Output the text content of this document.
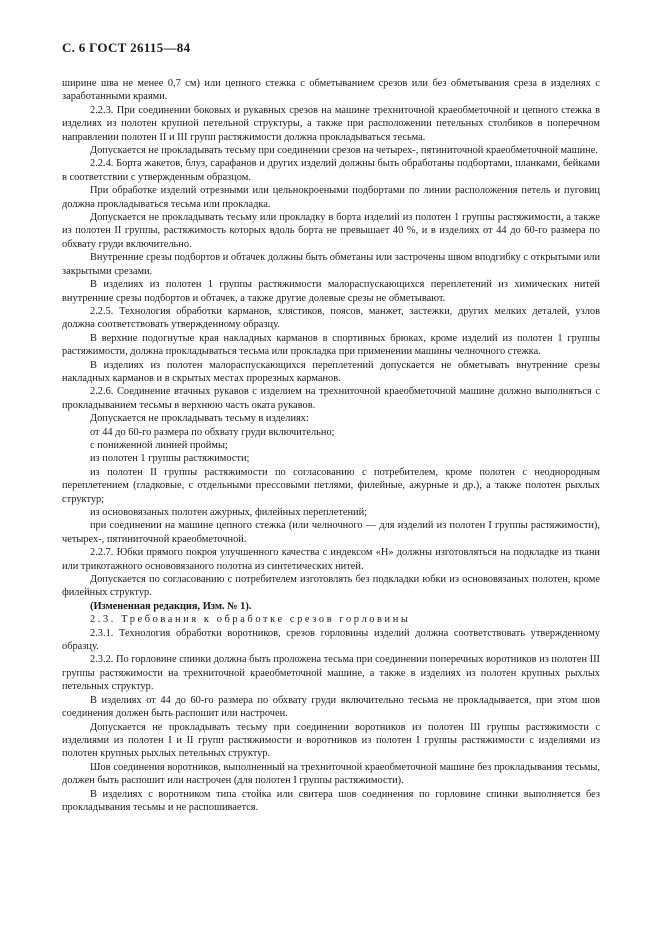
С. 6 ГОСТ 26115—84

ширине шва не менее 0,7 см) или цепного стежка с обметыванием срезов или без обметывания среза в изделиях с заработанными краями.

2.2.3. При соединении боковых и рукавных срезов на машине трехниточной краеобметочной и цепного стежка в изделиях из полотен крупной петельной структуры, а также при расположении петельных столбиков в поперечном направлении полотен II и III групп растяжимости должна прокладываться тесьма.

Допускается не прокладывать тесьму при соединении срезов на четырех-, пятиниточной краеобметочной машине.

2.2.4. Борта жакетов, блуз, сарафанов и других изделий должны быть обработаны подбортами, планками, бейками в соответствии с утвержденным образцом.

При обработке изделий отрезными или цельнокроеными подбортами по линии расположения петель и пуговиц должна прокладываться тесьма или прокладка.

Допускается не прокладывать тесьму или прокладку в борта изделий из полотен 1 группы растяжимости, а также из полотен II группы, растяжимость которых вдоль борта не превышает 40 %, и в изделиях от 44 до 60-го размера по обхвату груди включительно.

Внутренние срезы подбортов и обтачек должны быть обметаны или застрочены швом вподгибку с открытыми или закрытыми срезами.

В изделиях из полотен 1 группы растяжимости малораспускающихся переплетений из химических нитей внутренние срезы подбортов и обтачек, а также другие долевые срезы не обметывают.

2.2.5. Технология обработки карманов, хлястиков, поясов, манжет, застежки, других мелких деталей, узлов должна соответствовать утвержденному образцу.

В верхние подогнутые края накладных карманов в спортивных брюках, кроме изделий из полотен 1 группы растяжимости, должна прокладываться тесьма или прокладка при применении машины челночного стежка.

В изделиях из полотен малораспускающихся переплетений допускается не обметывать внутренние срезы накладных карманов и в скрытых местах прорезных карманов.

2.2.6. Соединение втачных рукавов с изделием на трехниточной краеобметочной машине должно выполняться с прокладыванием тесьмы в верхнюю часть оката рукавов.

Допускается не прокладывать тесьму в изделиях:

от 44 до 60-го размера по обхвату груди включительно;

с пониженной линией проймы;

из полотен 1 группы растяжимости;

из полотен II группы растяжимости по согласованию с потребителем, кроме полотен с неоднородным переплетением (гладковые, с отдельными прессовыми петлями, филейные, ажурные и др.), а также полотен рыхлых структур;

из основовязаных полотен ажурных, филейных переплетений;

при соединении на машине цепного стежка (или челночного — для изделий из полотен I группы растяжимости), четырех-, пятиниточной краеобметочной.

2.2.7. Юбки прямого покроя улучшенного качества с индексом «Н» должны изготовляться на подкладке из ткани или трикотажного основовязаного полотна из синтетических нитей.

Допускается по согласованию с потребителем изготовлять без подкладки юбки из основовязаных полотен, кроме филейных структур.

(Измененная редакция, Изм. № 1).

2.3. Требования к обработке срезов горловины

2.3.1. Технология обработки воротников, срезов горловины изделий должна соответствовать утвержденному образцу.

2.3.2. По горловине спинки должна быть проложена тесьма при соединении поперечных воротников из полотен III группы растяжимости на трехниточной краеобметочной машине, а также в изделиях из полотен крупных рыхлых петельных структур.

В изделиях от 44 до 60-го размера по обхвату груди включительно тесьма не прокладывается, при этом шов соединения должен быть распошит или настрочен.

Допускается не прокладывать тесьму при соединении воротников из полотен III группы растяжимости с изделиями из полотен I и II групп растяжимости и воротников из полотен I группы растяжимости с изделиями из полотен крупных рыхлых петельных структур.

Шов соединения воротников, выполненный на трехниточной краеобметочной машине без прокладывания тесьмы, должен быть распошит или настрочен (для полотен I группы растяжимости).

В изделиях с воротником типа стойка или свитера шов соединения по горловине спинки выполняется без прокладывания тесьмы и не распошивается.
